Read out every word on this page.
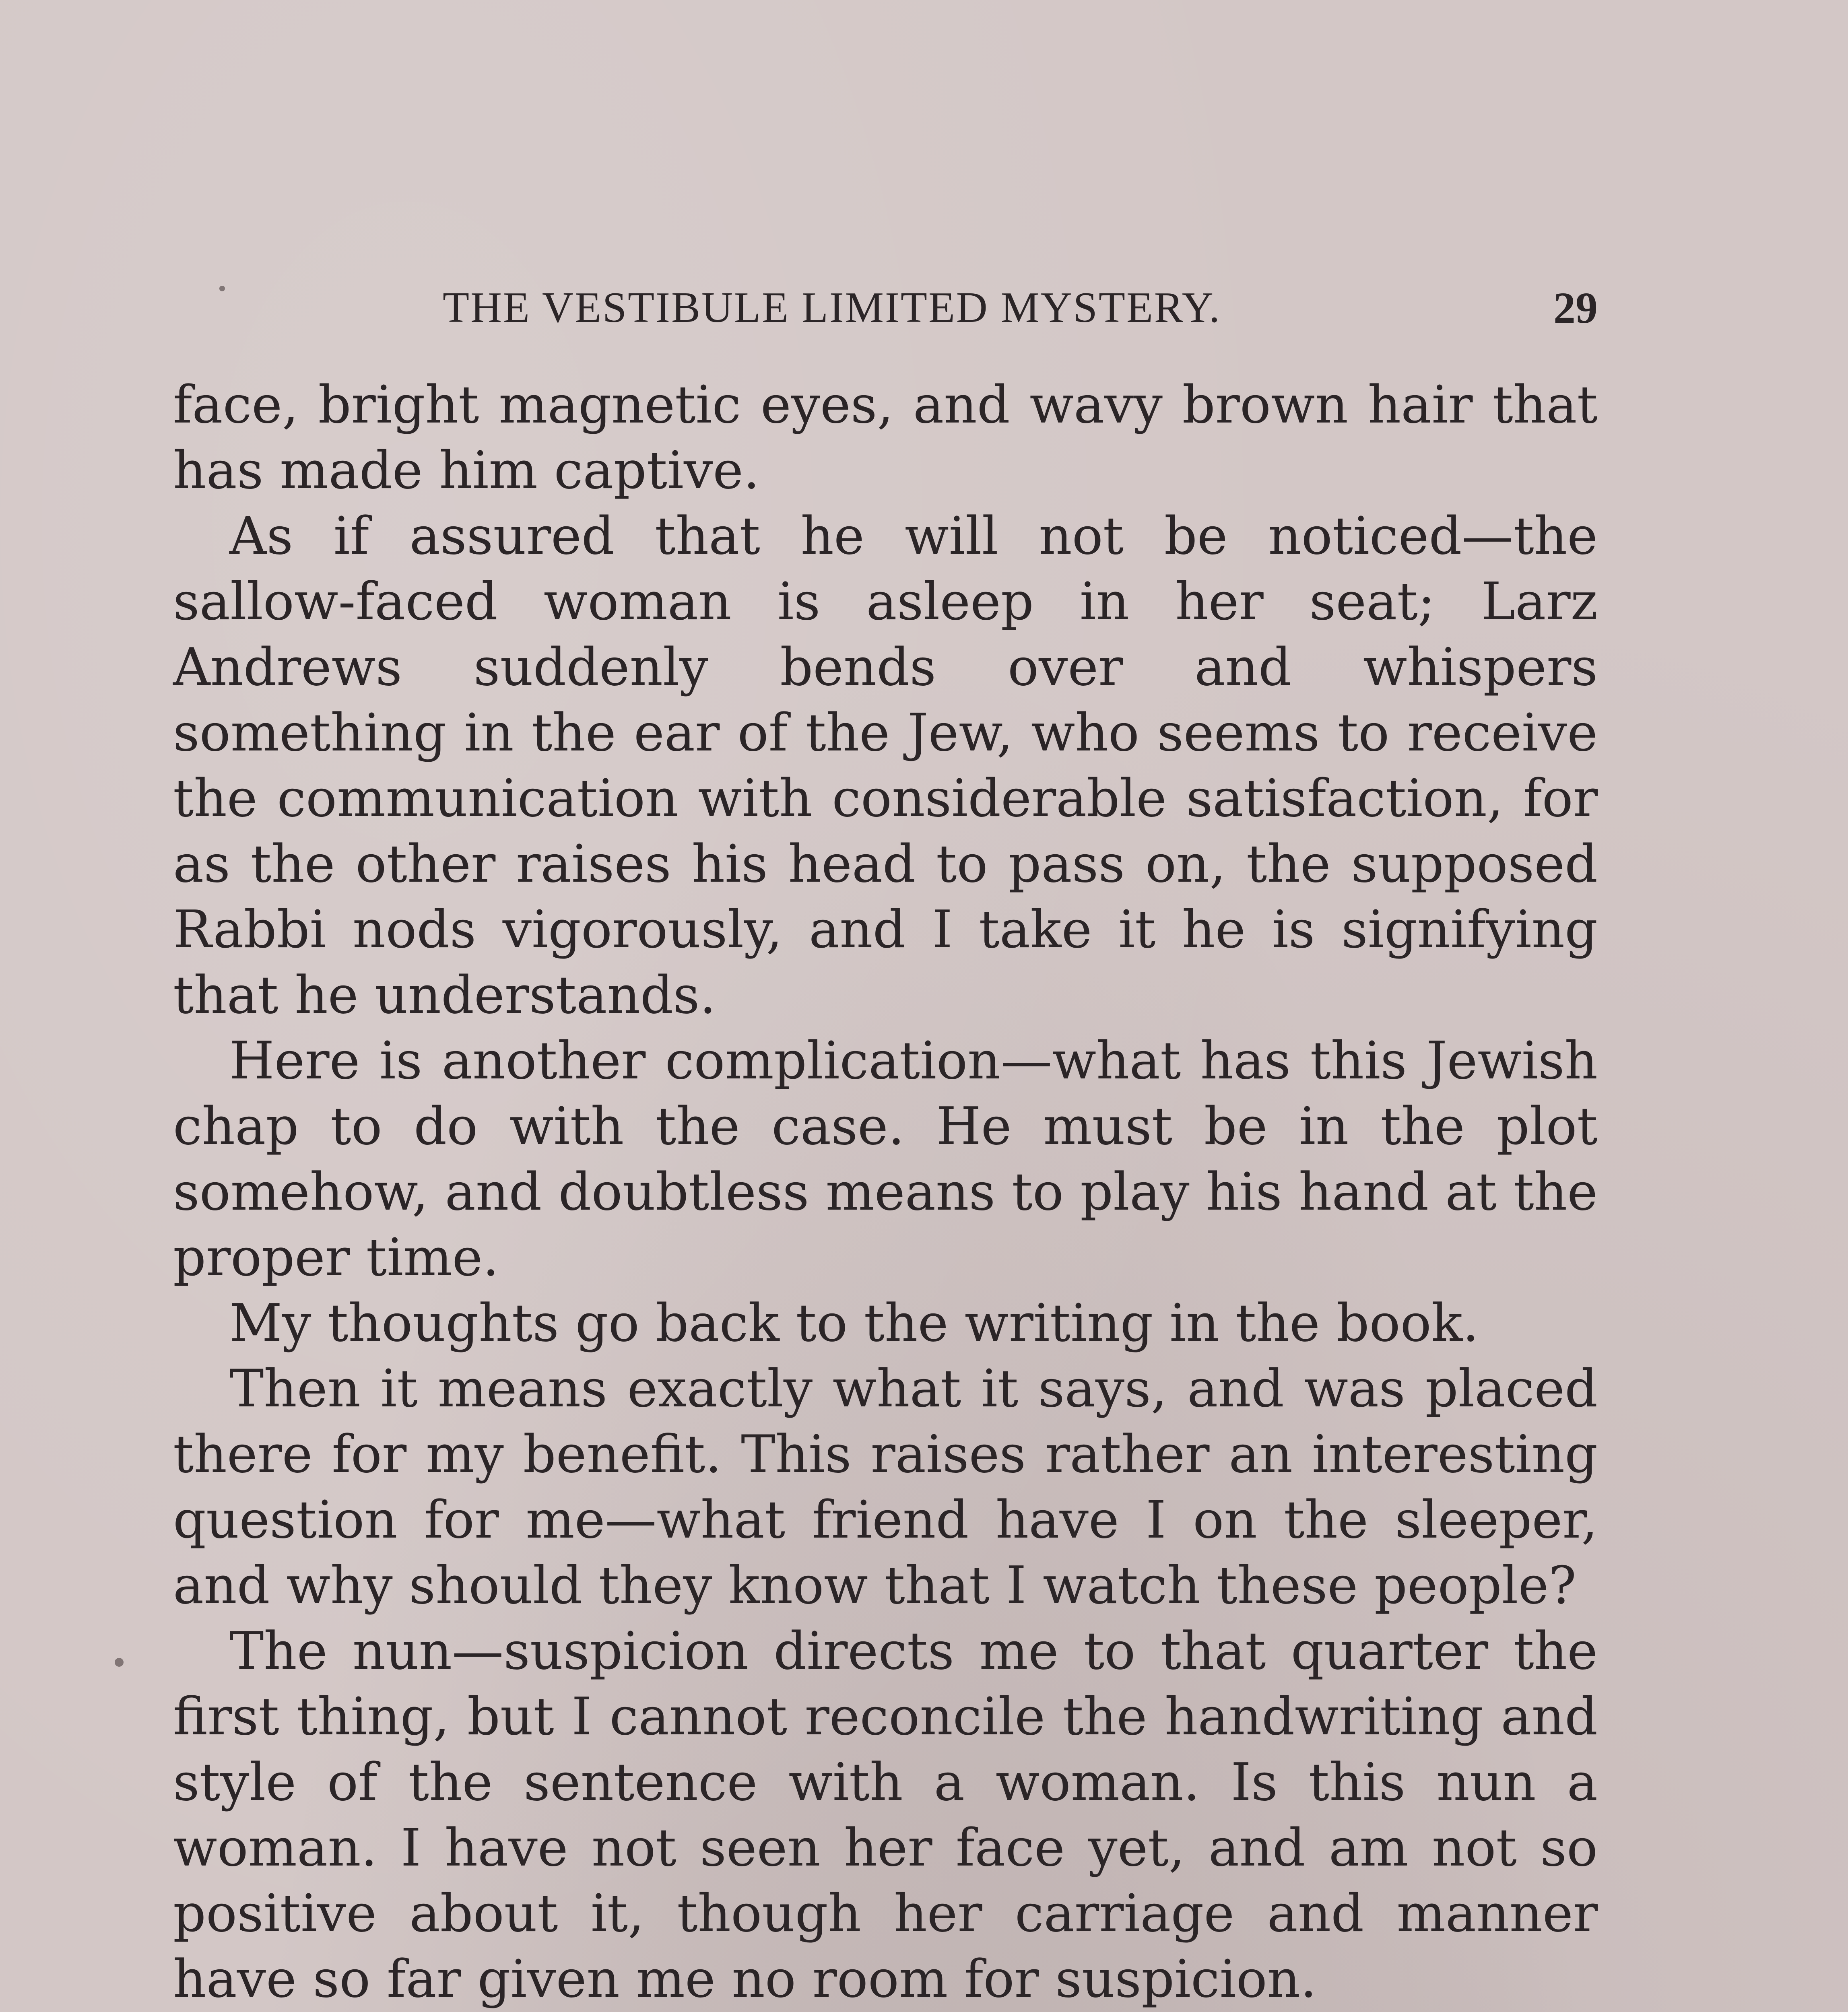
THE VESTIBULE LIMITED MYSTERY.	29

face, bright magnetic eyes, and wavy brown hair that has made him captive.

As if assured that he will not be noticed—the sallow-faced woman is asleep in her seat; Larz Andrews suddenly bends over and whispers something in the ear of the Jew, who seems to receive the communication with considerable satisfaction, for as the other raises his head to pass on, the supposed Rabbi nods vigorously, and I take it he is signifying that he understands.

Here is another complication—what has this Jewish chap to do with the case. He must be in the plot somehow, and doubtless means to play his hand at the proper time.

My thoughts go back to the writing in the book.

Then it means exactly what it says, and was placed there for my benefit. This raises rather an interesting question for me—what friend have I on the sleeper, and why should they know that I watch these people?

The nun—suspicion directs me to that quarter the first thing, but I cannot reconcile the handwriting and style of the sentence with a woman. Is this nun a woman. I have not seen her face yet, and am not so positive about it, though her carriage and manner have so far given me no room for suspicion.
